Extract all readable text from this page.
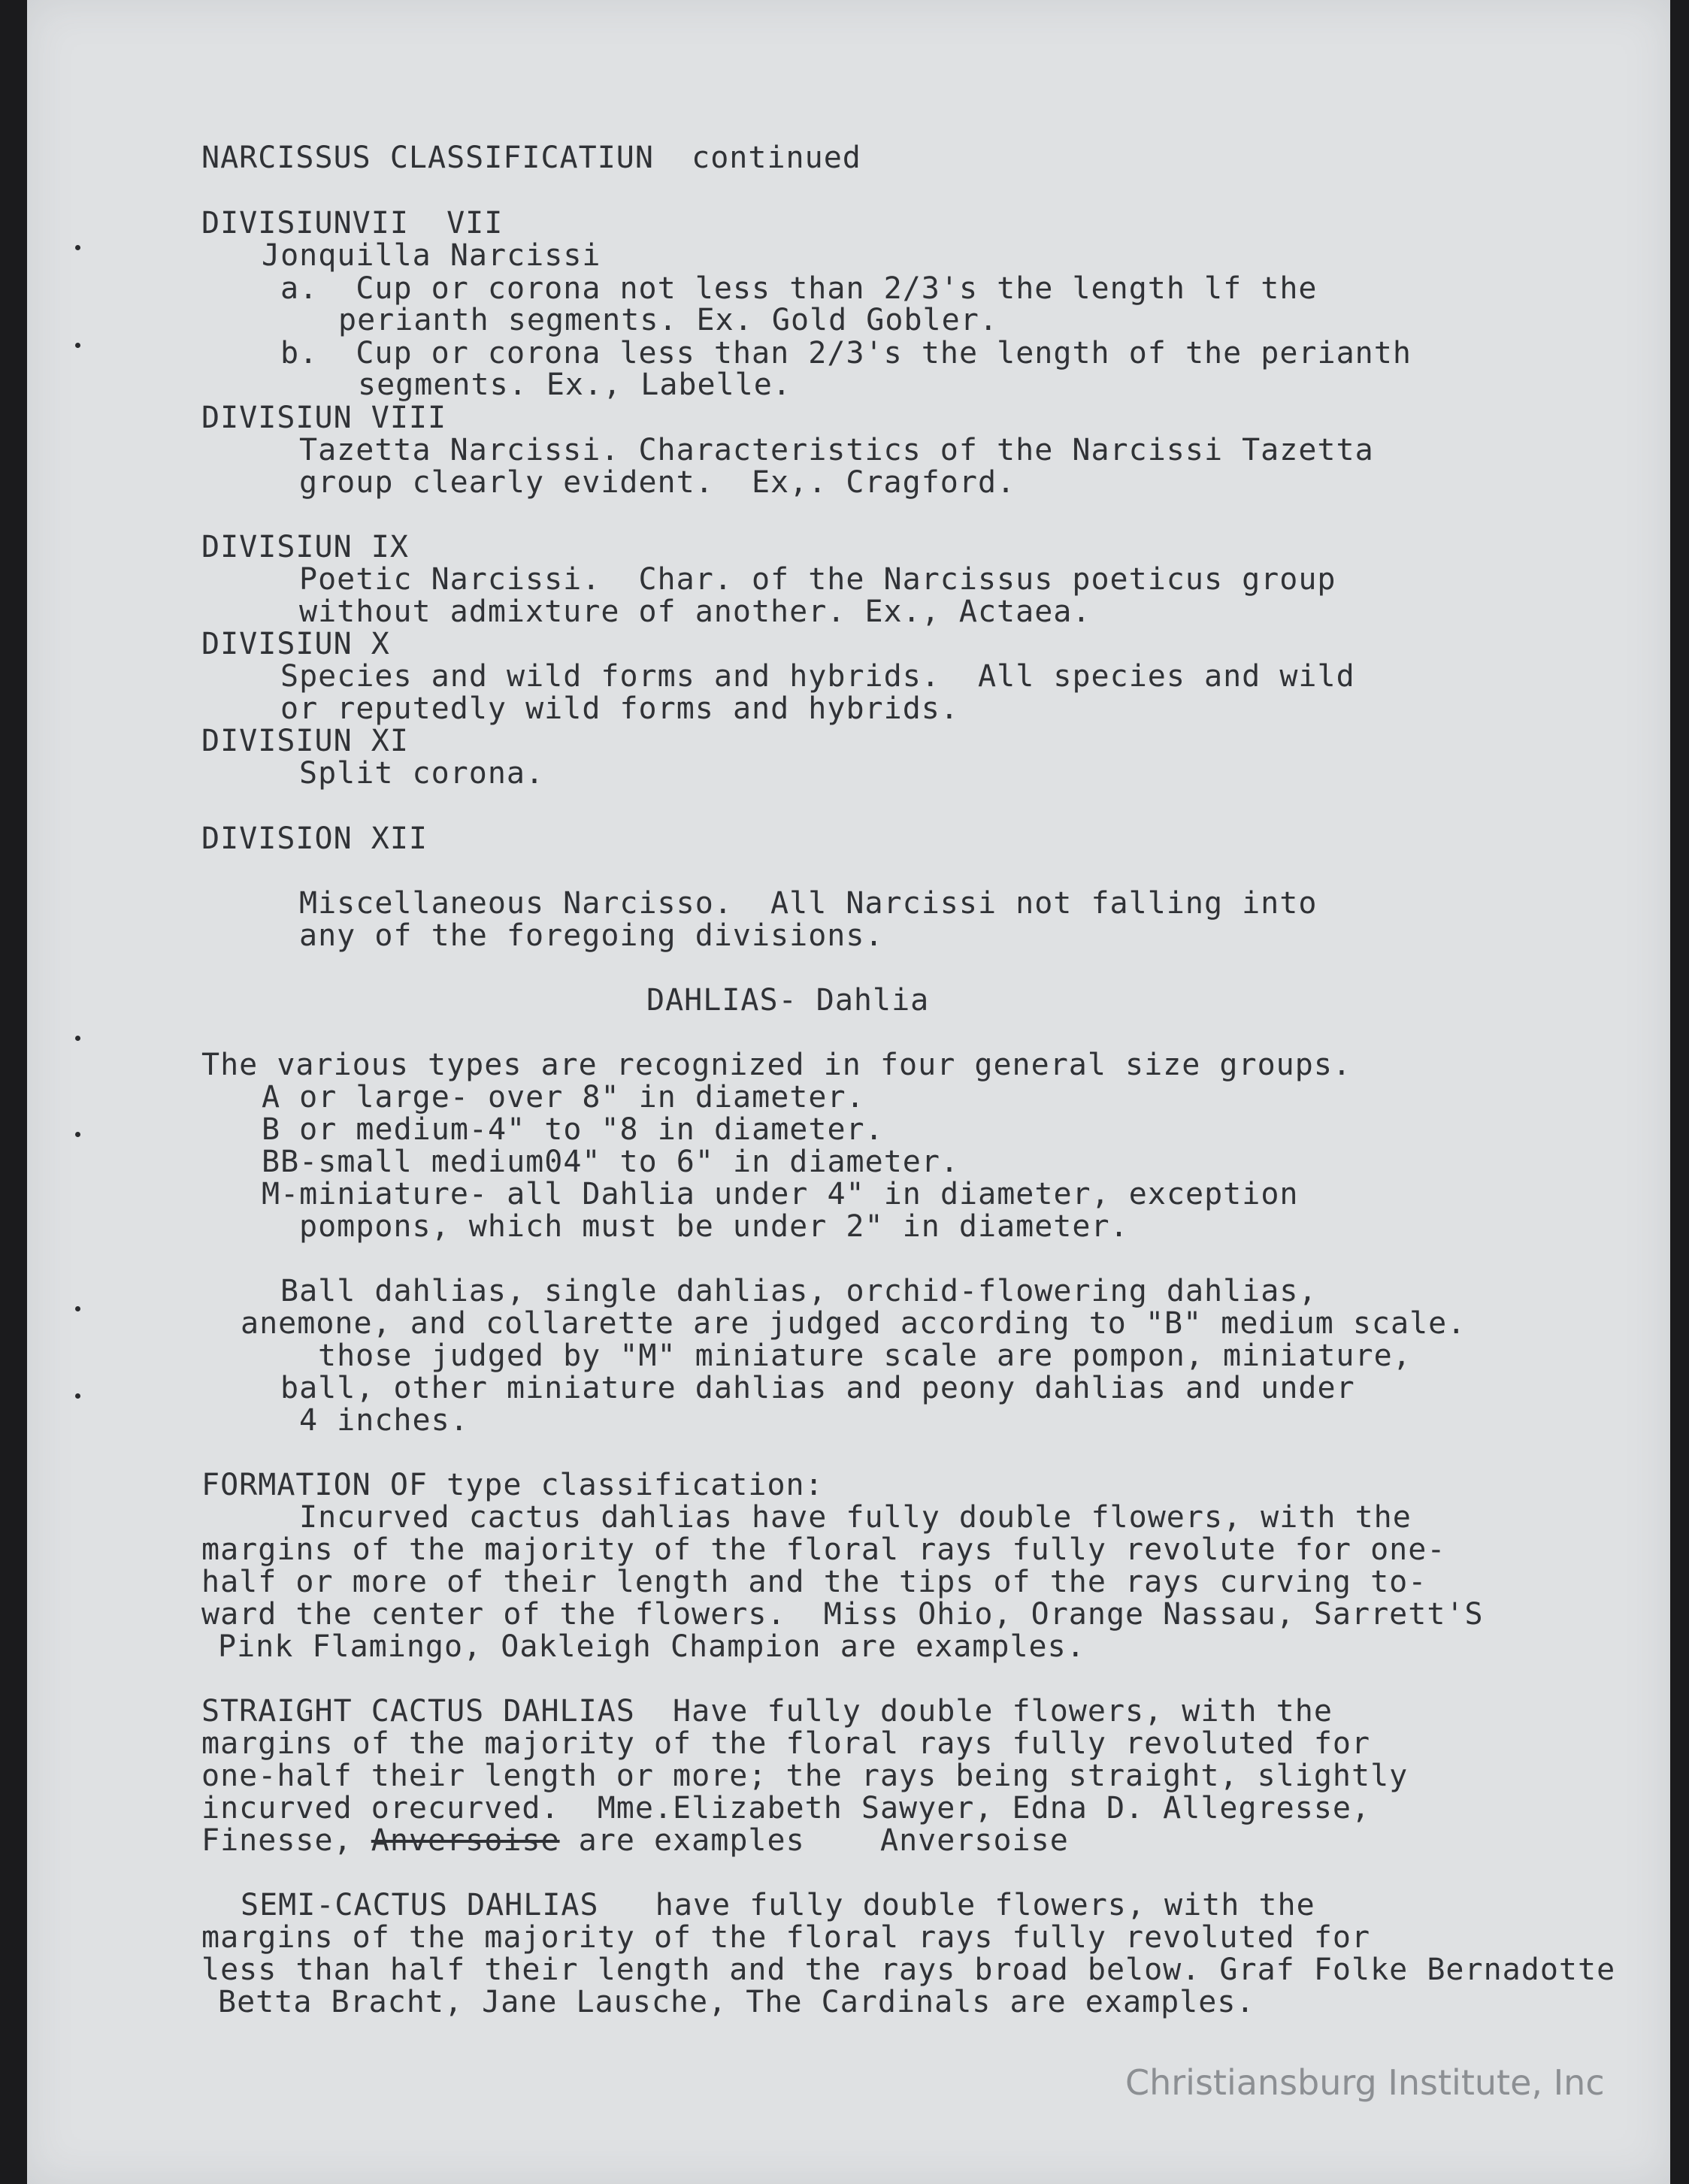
NARCISSUS CLASSIFICATIUN  continued

DIVISIUNVII  VII

Jonquilla Narcissi

a.  Cup or corona not less than 2/3's the length lf the

perianth segments. Ex. Gold Gobler.

b.  Cup or corona less than 2/3's the length of the perianth

segments. Ex., Labelle.

DIVISIUN VIII

Tazetta Narcissi. Characteristics of the Narcissi Tazetta

group clearly evident.  Ex,. Cragford.

DIVISIUN IX

Poetic Narcissi.  Char. of the Narcissus poeticus group

without admixture of another. Ex., Actaea.

DIVISIUN X

Species and wild forms and hybrids.  All species and wild

or reputedly wild forms and hybrids.

DIVISIUN XI

Split corona.

DIVISION XII

Miscellaneous Narcisso.  All Narcissi not falling into

any of the foregoing divisions.

DAHLIAS- Dahlia

The various types are recognized in four general size groups.

A or large- over 8" in diameter.

B or medium-4" to "8 in diameter.

BB-small medium04" to 6" in diameter.

M-miniature- all Dahlia under 4" in diameter, exception

pompons, which must be under 2" in diameter.

Ball dahlias, single dahlias, orchid-flowering dahlias,

anemone, and collarette are judged according to "B" medium scale.

those judged by "M" miniature scale are pompon, miniature,

ball, other miniature dahlias and peony dahlias and under

4 inches.

FORMATION OF type classification:

Incurved cactus dahlias have fully double flowers, with the

margins of the majority of the floral rays fully revolute for one-

half or more of their length and the tips of the rays curving to-

ward the center of the flowers.  Miss Ohio, Orange Nassau, Sarrett'S

Pink Flamingo, Oakleigh Champion are examples.

STRAIGHT CACTUS DAHLIAS  Have fully double flowers, with the

margins of the majority of the floral rays fully revoluted for

one-half their length or more; the rays being straight, slightly

incurved orecurved.  Mme.Elizabeth Sawyer, Edna D. Allegresse,

Finesse, Anversoise are examples	Anversoise

SEMI-CACTUS DAHLIAS   have fully double flowers, with the

margins of the majority of the floral rays fully revoluted for

less than half their length and the rays broad below. Graf Folke Bernadotte

Betta Bracht, Jane Lausche, The Cardinals are examples.

Christiansburg Institute, Inc
